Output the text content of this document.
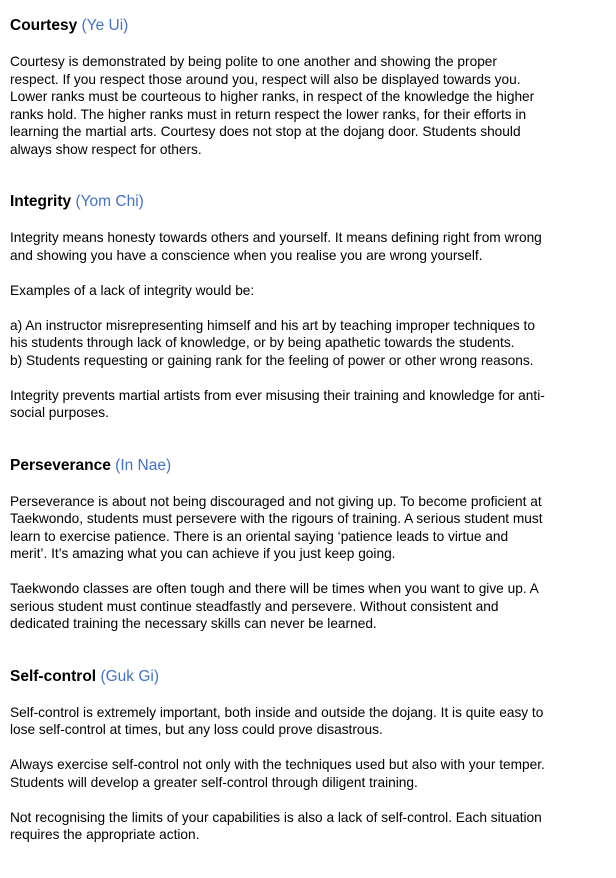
Courtesy (Ye Ui)
Courtesy is demonstrated by being polite to one another and showing the proper
respect. If you respect those around you, respect will also be displayed towards you.
Lower ranks must be courteous to higher ranks, in respect of the knowledge the higher
ranks hold. The higher ranks must in return respect the lower ranks, for their efforts in
learning the martial arts. Courtesy does not stop at the dojang door. Students should
always show respect for others.
Integrity (Yom Chi)
Integrity means honesty towards others and yourself. It means defining right from wrong
and showing you have a conscience when you realise you are wrong yourself.
Examples of a lack of integrity would be:
a) An instructor misrepresenting himself and his art by teaching improper techniques to
his students through lack of knowledge, or by being apathetic towards the students.
b) Students requesting or gaining rank for the feeling of power or other wrong reasons.
Integrity prevents martial artists from ever misusing their training and knowledge for anti-
social purposes.
Perseverance (In Nae)
Perseverance is about not being discouraged and not giving up. To become proficient at
Taekwondo, students must persevere with the rigours of training. A serious student must
learn to exercise patience. There is an oriental saying ‘patience leads to virtue and
merit’. It’s amazing what you can achieve if you just keep going.
Taekwondo classes are often tough and there will be times when you want to give up. A
serious student must continue steadfastly and persevere. Without consistent and
dedicated training the necessary skills can never be learned.
Self-control (Guk Gi)
Self-control is extremely important, both inside and outside the dojang. It is quite easy to
lose self-control at times, but any loss could prove disastrous.
Always exercise self-control not only with the techniques used but also with your temper.
Students will develop a greater self-control through diligent training.
Not recognising the limits of your capabilities is also a lack of self-control. Each situation
requires the appropriate action.
